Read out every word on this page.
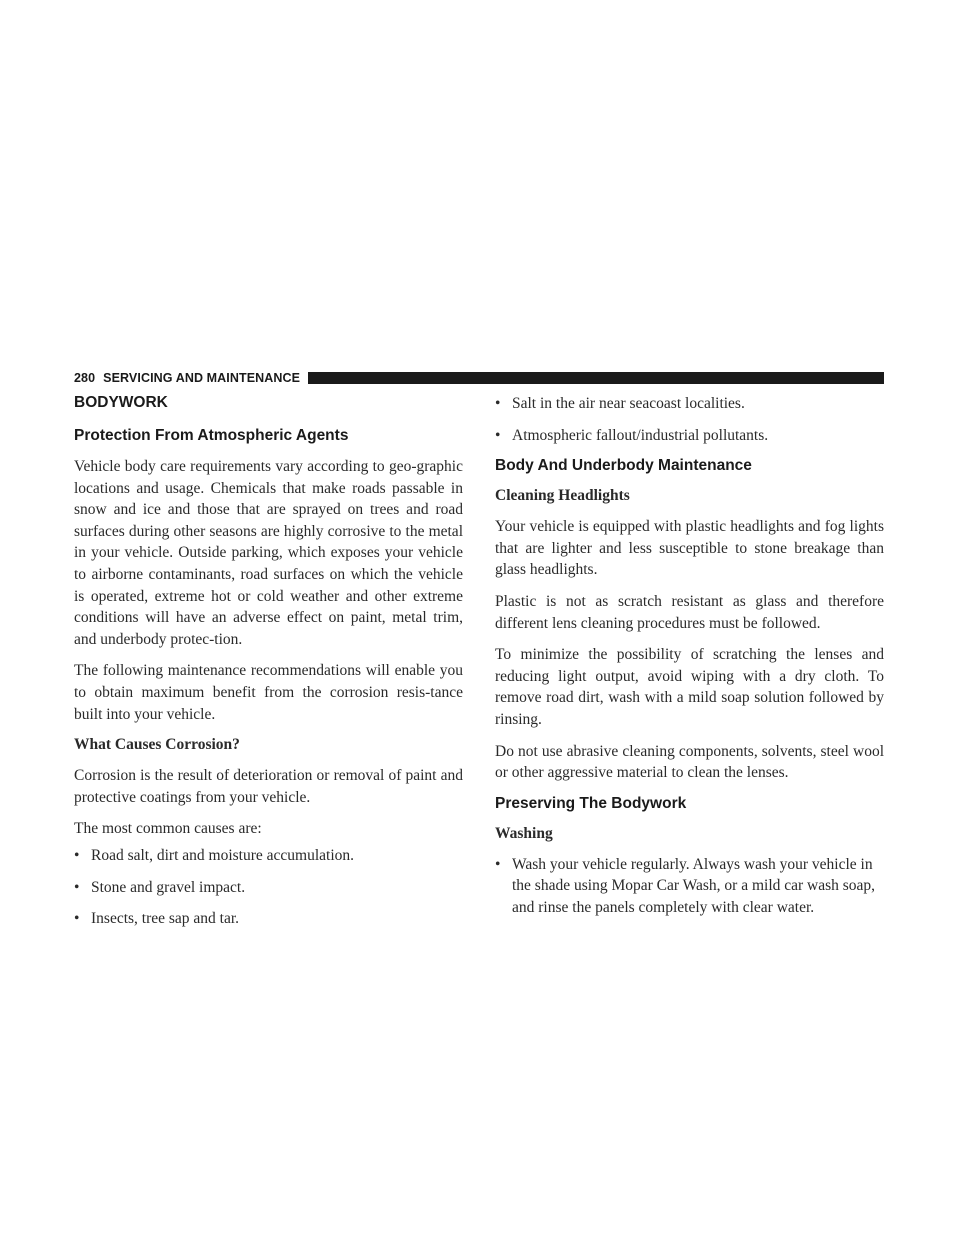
280 SERVICING AND MAINTENANCE
BODYWORK
Protection From Atmospheric Agents

Vehicle body care requirements vary according to geo-graphic locations and usage. Chemicals that make roads passable in snow and ice and those that are sprayed on trees and road surfaces during other seasons are highly corrosive to the metal in your vehicle. Outside parking, which exposes your vehicle to airborne contaminants, road surfaces on which the vehicle is operated, extreme hot or cold weather and other extreme conditions will have an adverse effect on paint, metal trim, and underbody protec-tion.

The following maintenance recommendations will enable you to obtain maximum benefit from the corrosion resis-tance built into your vehicle.

What Causes Corrosion?

Corrosion is the result of deterioration or removal of paint and protective coatings from your vehicle.

The most common causes are:

• Road salt, dirt and moisture accumulation.
• Stone and gravel impact.
• Insects, tree sap and tar.
• Salt in the air near seacoast localities.
• Atmospheric fallout/industrial pollutants.
Body And Underbody Maintenance
Cleaning Headlights

Your vehicle is equipped with plastic headlights and fog lights that are lighter and less susceptible to stone breakage than glass headlights.

Plastic is not as scratch resistant as glass and therefore different lens cleaning procedures must be followed.

To minimize the possibility of scratching the lenses and reducing light output, avoid wiping with a dry cloth. To remove road dirt, wash with a mild soap solution followed by rinsing.

Do not use abrasive cleaning components, solvents, steel wool or other aggressive material to clean the lenses.

Preserving The Bodywork
Washing
• Wash your vehicle regularly. Always wash your vehicle in the shade using Mopar Car Wash, or a mild car wash soap, and rinse the panels completely with clear water.
